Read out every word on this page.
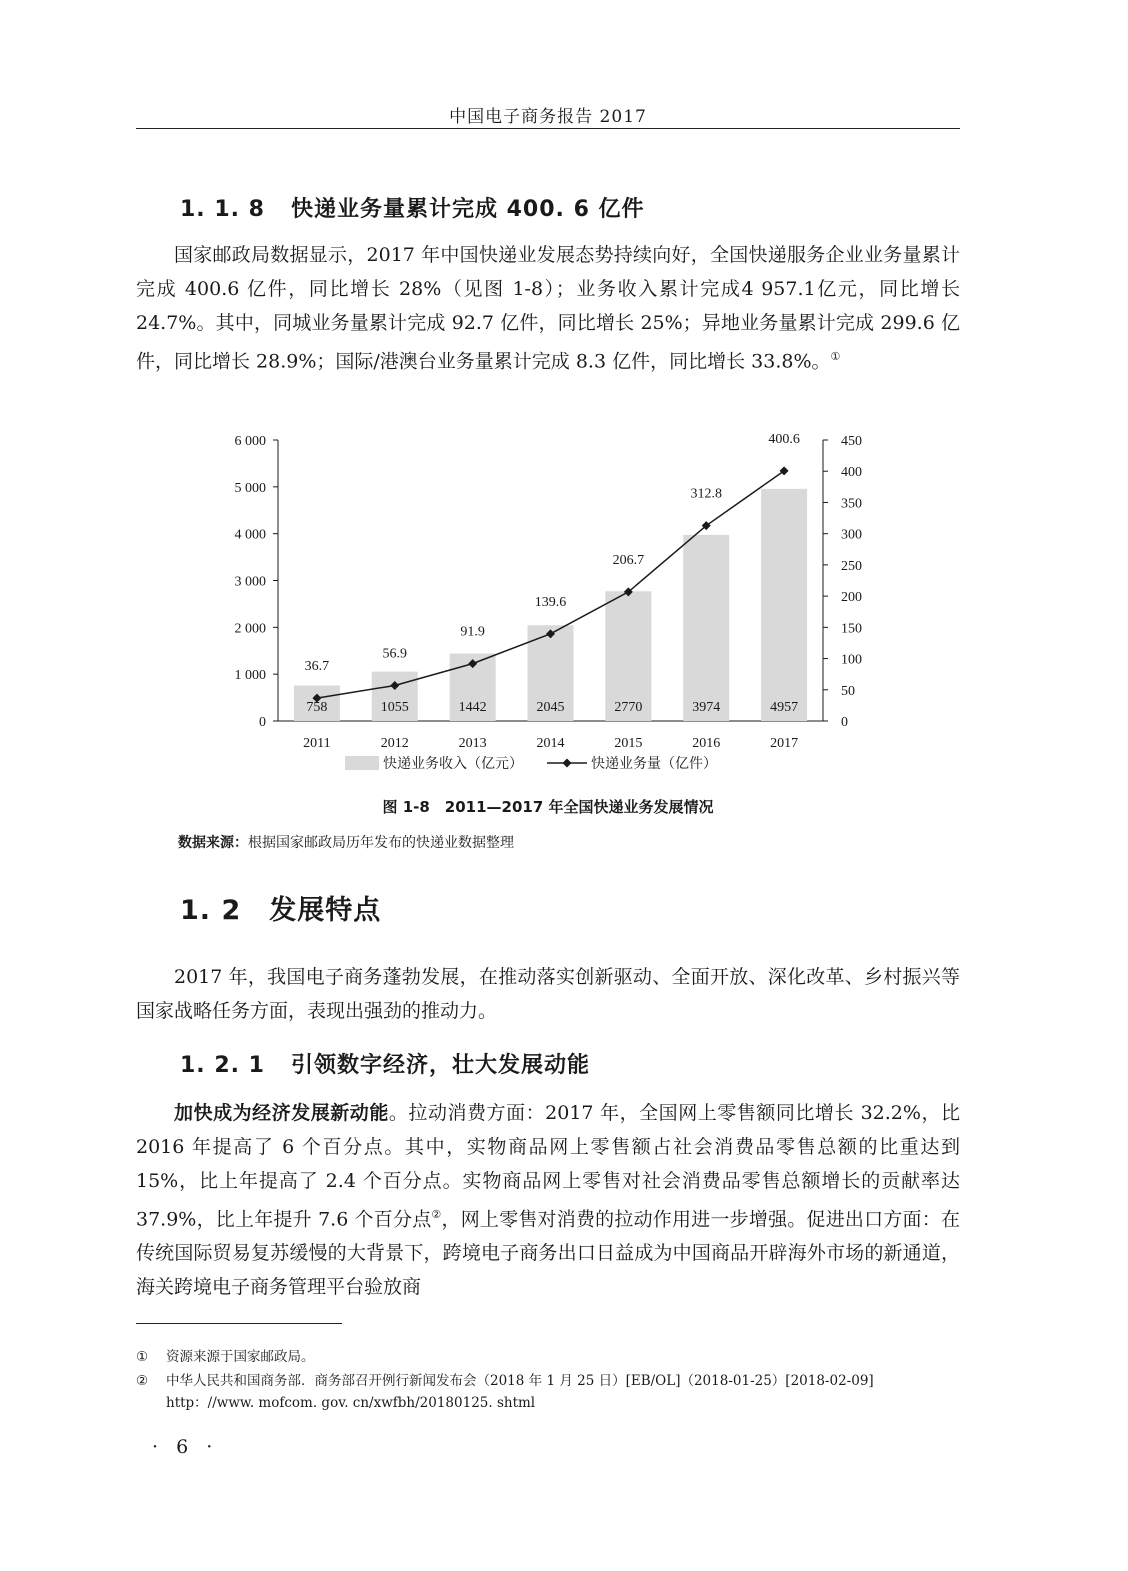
中国电子商务报告 2017
1. 1. 8 快递业务量累计完成 400. 6 亿件

国家邮政局数据显示，2017 年中国快递业发展态势持续向好，全国快递服务企业业务量累计完成 400.6 亿件，同比增长 28%（见图 1-8）；业务收入累计完成4 957.1亿元，同比增长 24.7%。其中，同城业务量累计完成 92.7 亿件，同比增长 25%；异地业务量累计完成 299.6 亿件，同比增长 28.9%；国际/港澳台业务量累计完成 8.3 亿件，同比增长 33.8%。①

0
1 000
2 000
3 000
4 000
5 000
6 000
0
50
100
150
200
250
300
350
400
450
2011	2012	2013	2014	2015	2016	2017
758	1055	1442	2045	2770	3974	4957
36.7
56.9
91.9
139.6
206.7
312.8
400.6
快递业务收入（亿元）	快递业务量（亿件）
图 1-8　2011—2017 年全国快递业务发展情况
数据来源：根据国家邮政局历年发布的快递业数据整理
1. 2 发展特点

2017 年，我国电子商务蓬勃发展，在推动落实创新驱动、全面开放、深化改革、乡村振兴等国家战略任务方面，表现出强劲的推动力。

1. 2. 1 引领数字经济，壮大发展动能

加快成为经济发展新动能。拉动消费方面：2017 年，全国网上零售额同比增长 32.2%，比 2016 年提高了 6 个百分点。其中，实物商品网上零售额占社会消费品零售总额的比重达到 15%，比上年提高了 2.4 个百分点。实物商品网上零售对社会消费品零售总额增长的贡献率达 37.9%，比上年提升 7.6 个百分点②，网上零售对消费的拉动作用进一步增强。促进出口方面：在传统国际贸易复苏缓慢的大背景下，跨境电子商务出口日益成为中国商品开辟海外市场的新通道，海关跨境电子商务管理平台验放商

① 资源来源于国家邮政局。
② 中华人民共和国商务部．商务部召开例行新闻发布会（2018 年 1 月 25 日）[EB/OL]（2018-01-25）[2018-02-09]
http：//www. mofcom. gov. cn/xwfbh/20180125. shtml
· 6 ·
